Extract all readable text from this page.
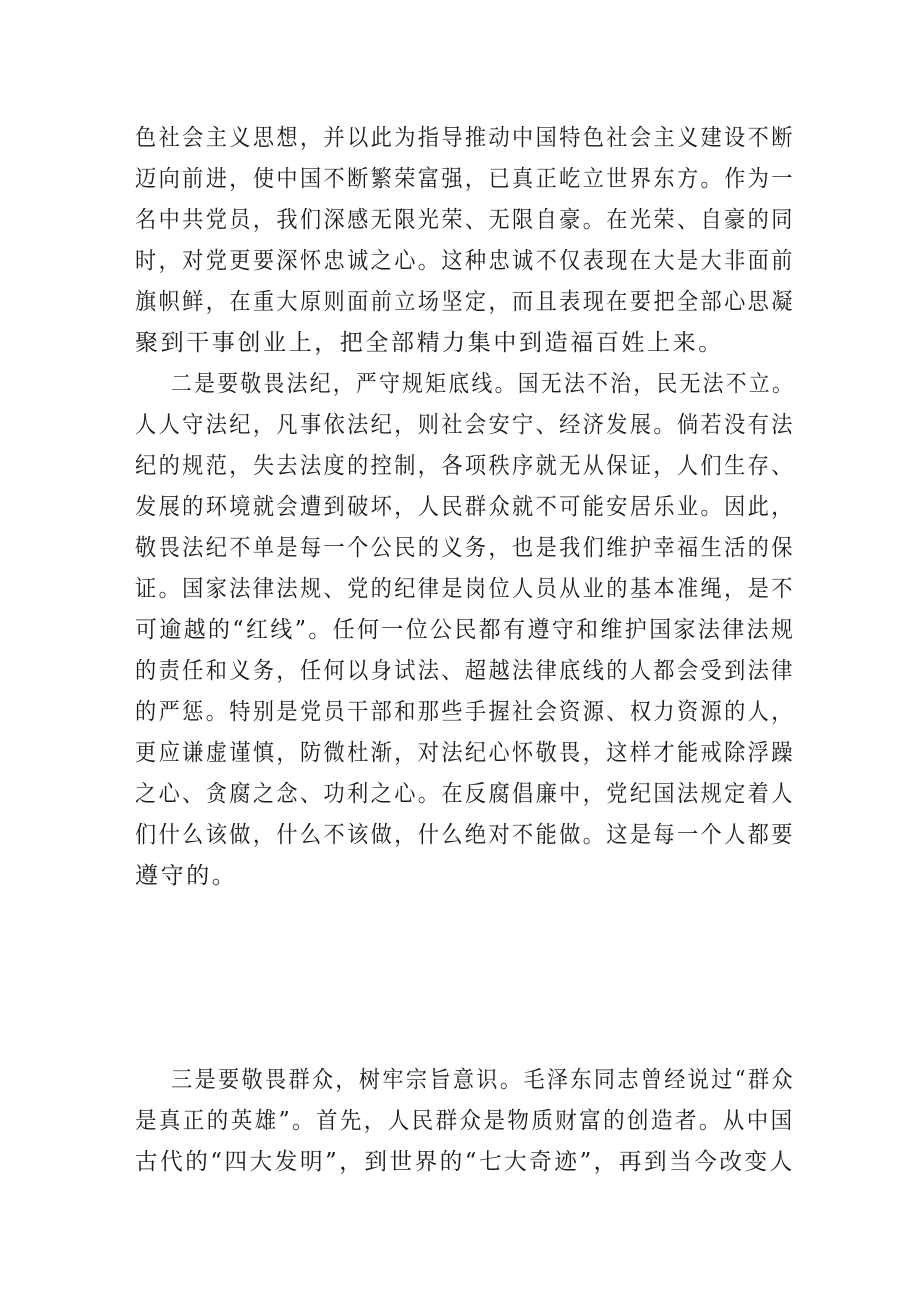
色社会主义思想，并以此为指导推动中国特色社会主义建设不断
迈向前进，使中国不断繁荣富强，已真正屹立世界东方。作为一
名中共党员，我们深感无限光荣、无限自豪。在光荣、自豪的同
时，对党更要深怀忠诚之心。这种忠诚不仅表现在大是大非面前
旗帜鲜，在重大原则面前立场坚定，而且表现在要把全部心思凝
聚到干事创业上，把全部精力集中到造福百姓上来。
二是要敬畏法纪，严守规矩底线。国无法不治，民无法不立。
人人守法纪，凡事依法纪，则社会安宁、经济发展。倘若没有法
纪的规范，失去法度的控制，各项秩序就无从保证，人们生存、
发展的环境就会遭到破坏，人民群众就不可能安居乐业。因此，
敬畏法纪不单是每一个公民的义务，也是我们维护幸福生活的保
证。国家法律法规、党的纪律是岗位人员从业的基本准绳，是不
可逾越的“红线”。任何一位公民都有遵守和维护国家法律法规
的责任和义务，任何以身试法、超越法律底线的人都会受到法律
的严惩。特别是党员干部和那些手握社会资源、权力资源的人，
更应谦虚谨慎，防微杜渐，对法纪心怀敬畏，这样才能戒除浮躁
之心、贪腐之念、功利之心。在反腐倡廉中，党纪国法规定着人
们什么该做，什么不该做，什么绝对不能做。这是每一个人都要
遵守的。
三是要敬畏群众，树牢宗旨意识。毛泽东同志曾经说过“群众
是真正的英雄”。首先，人民群众是物质财富的创造者。从中国
古代的“四大发明”，到世界的“七大奇迹”，再到当今改变人
